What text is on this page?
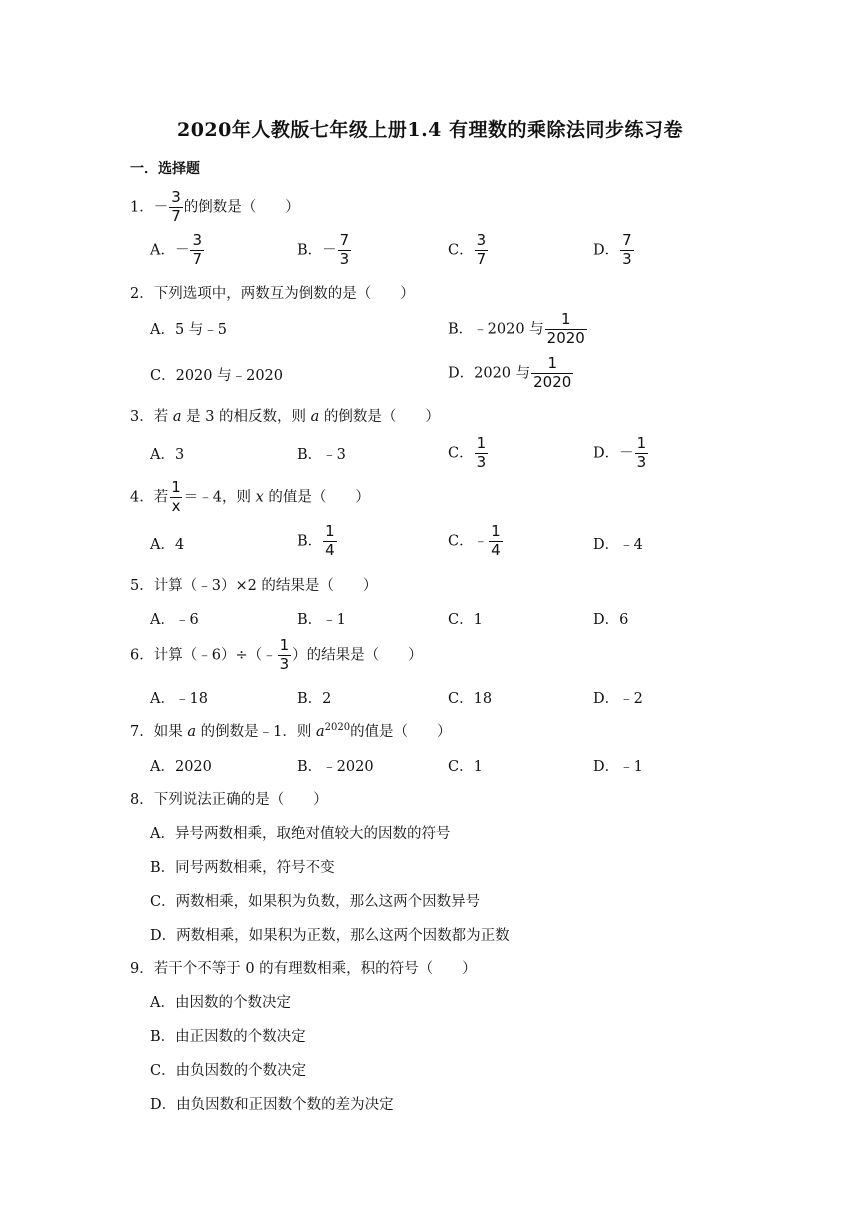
2020年人教版七年级上册1.4 有理数的乘除法同步练习卷
一．选择题
1．－ $\frac{3}{7}$ 的倒数是（　　）
A．－ $\frac{3}{7}$	B．－ $\frac{7}{3}$	C． $\frac{3}{7}$	D． $\frac{7}{3}$
2．下列选项中，两数互为倒数的是（　　）
A．5 与﹣5	B．﹣2020 与 $\frac{1}{2020}$
C．2020 与﹣2020	D．2020 与 $\frac{1}{2020}$
3．若 a 是 3 的相反数，则 a 的倒数是（　　）
A．3	B．﹣3	C． $\frac{1}{3}$	D．－ $\frac{1}{3}$
4．若 $\frac{1}{x}$ ＝﹣4，则 x 的值是（　　）
A．4	B． $\frac{1}{4}$	C．﹣ $\frac{1}{4}$	D．﹣4
5．计算（﹣3）×2 的结果是（　　）
A．﹣6	B．﹣1	C．1	D．6
6．计算（﹣6）÷（﹣ $\frac{1}{3}$ ）的结果是（　　）
A．﹣18	B．2	C．18	D．﹣2
7．如果 a 的倒数是﹣1．则 $a^{2020}$的值是（　　）
A．2020	B．﹣2020	C．1	D．﹣1
8．下列说法正确的是（　　）
A．异号两数相乘，取绝对值较大的因数的符号
B．同号两数相乘，符号不变
C．两数相乘，如果积为负数，那么这两个因数异号
D．两数相乘，如果积为正数，那么这两个因数都为正数
9．若干个不等于 0 的有理数相乘，积的符号（　　）
A．由因数的个数决定
B．由正因数的个数决定
C．由负因数的个数决定
D．由负因数和正因数个数的差为决定
